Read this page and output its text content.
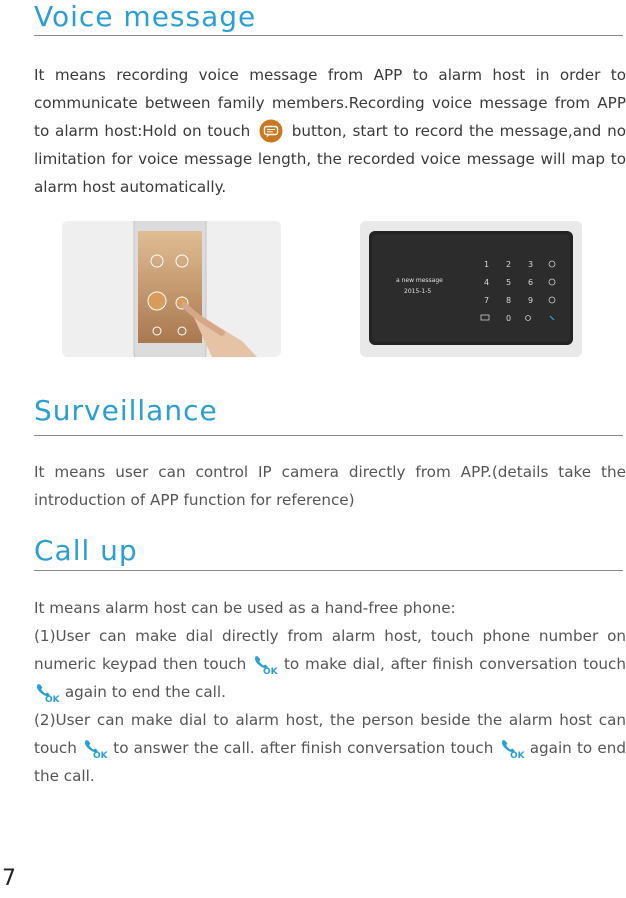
Voice message

It means recording voice message from APP to alarm host in order to communicate between family members.Recording voice message from APP to alarm host:Hold on touch	button, start to record the message,and no limitation for voice message length, the recorded voice message will map to alarm host automatically.

1 2 3
4 5 6
7 8 9
0
a new message
2015-1-5
Surveillance

It means user can control IP camera directly from APP.(details take the introduction of APP function for reference)

Call up

It means alarm host can be used as a hand-free phone:

(1)User can make dial directly from alarm host, touch phone number on numeric keypad then touch OK to make dial, after finish conversation touch
OK again to end the call.

(2)User can make dial to alarm host, the person beside the alarm host can touch OK to answer the call. after finish conversation touch OK again to end the call.

7
